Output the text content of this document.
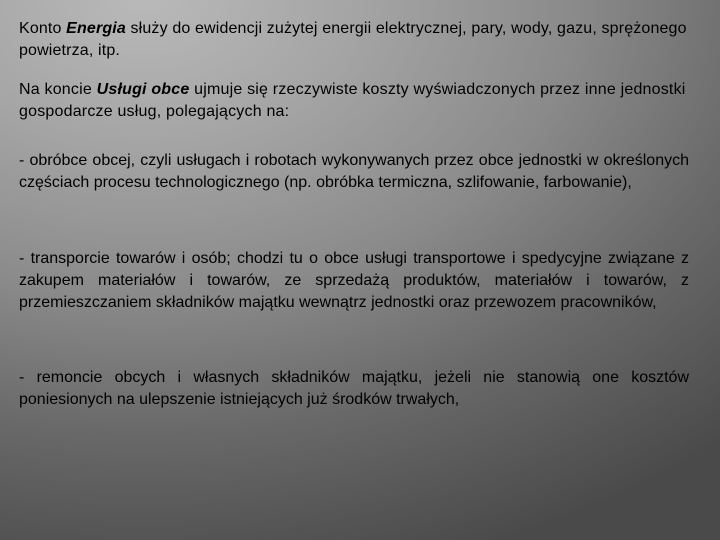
Konto Energia służy do ewidencji zużytej energii elektrycznej, pary, wody, gazu, sprężonego powietrza, itp.

Na koncie Usługi obce ujmuje się rzeczywiste koszty wyświadczonych przez inne jednostki gospodarcze usług, polegających na:

- obróbce obcej, czyli usługach i robotach wykonywanych przez obce jednostki w określonych częściach procesu technologicznego (np. obróbka termiczna, szlifowanie, farbowanie),

- transporcie towarów i osób; chodzi tu o obce usługi transportowe i spedycyjne związane z zakupem materiałów i towarów, ze sprzedażą produktów, materiałów i towarów, z przemieszczaniem składników majątku wewnątrz jednostki oraz przewozem pracowników,

- remoncie obcych i własnych składników majątku, jeżeli nie stanowią one kosztów poniesionych na ulepszenie istniejących już środków trwałych,
